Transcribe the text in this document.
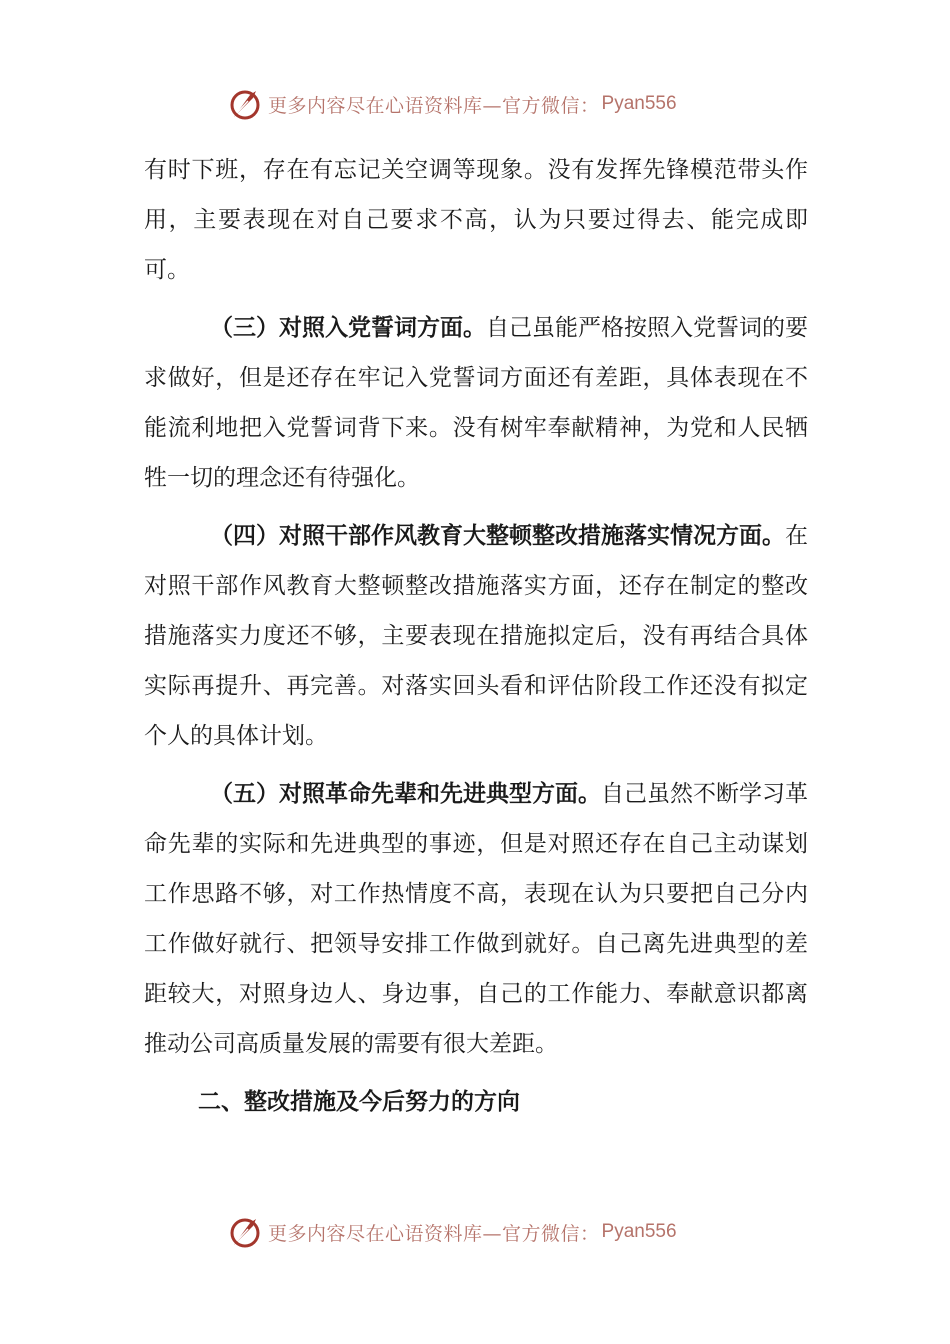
更多内容尽在心语资料库—官方微信： Pyan556

有时下班，存在有忘记关空调等现象。没有发挥先锋模范带头作用，主要表现在对自己要求不高，认为只要过得去、能完成即可。

（三）对照入党誓词方面。自己虽能严格按照入党誓词的要求做好，但是还存在牢记入党誓词方面还有差距，具体表现在不能流利地把入党誓词背下来。没有树牢奉献精神，为党和人民牺牲一切的理念还有待强化。

（四）对照干部作风教育大整顿整改措施落实情况方面。在对照干部作风教育大整顿整改措施落实方面，还存在制定的整改措施落实力度还不够，主要表现在措施拟定后，没有再结合具体实际再提升、再完善。对落实回头看和评估阶段工作还没有拟定个人的具体计划。

（五）对照革命先辈和先进典型方面。自己虽然不断学习革命先辈的实际和先进典型的事迹，但是对照还存在自己主动谋划工作思路不够，对工作热情度不高，表现在认为只要把自己分内工作做好就行、把领导安排工作做到就好。自己离先进典型的差距较大，对照身边人、身边事，自己的工作能力、奉献意识都离推动公司高质量发展的需要有很大差距。

二、整改措施及今后努力的方向

更多内容尽在心语资料库—官方微信： Pyan556
